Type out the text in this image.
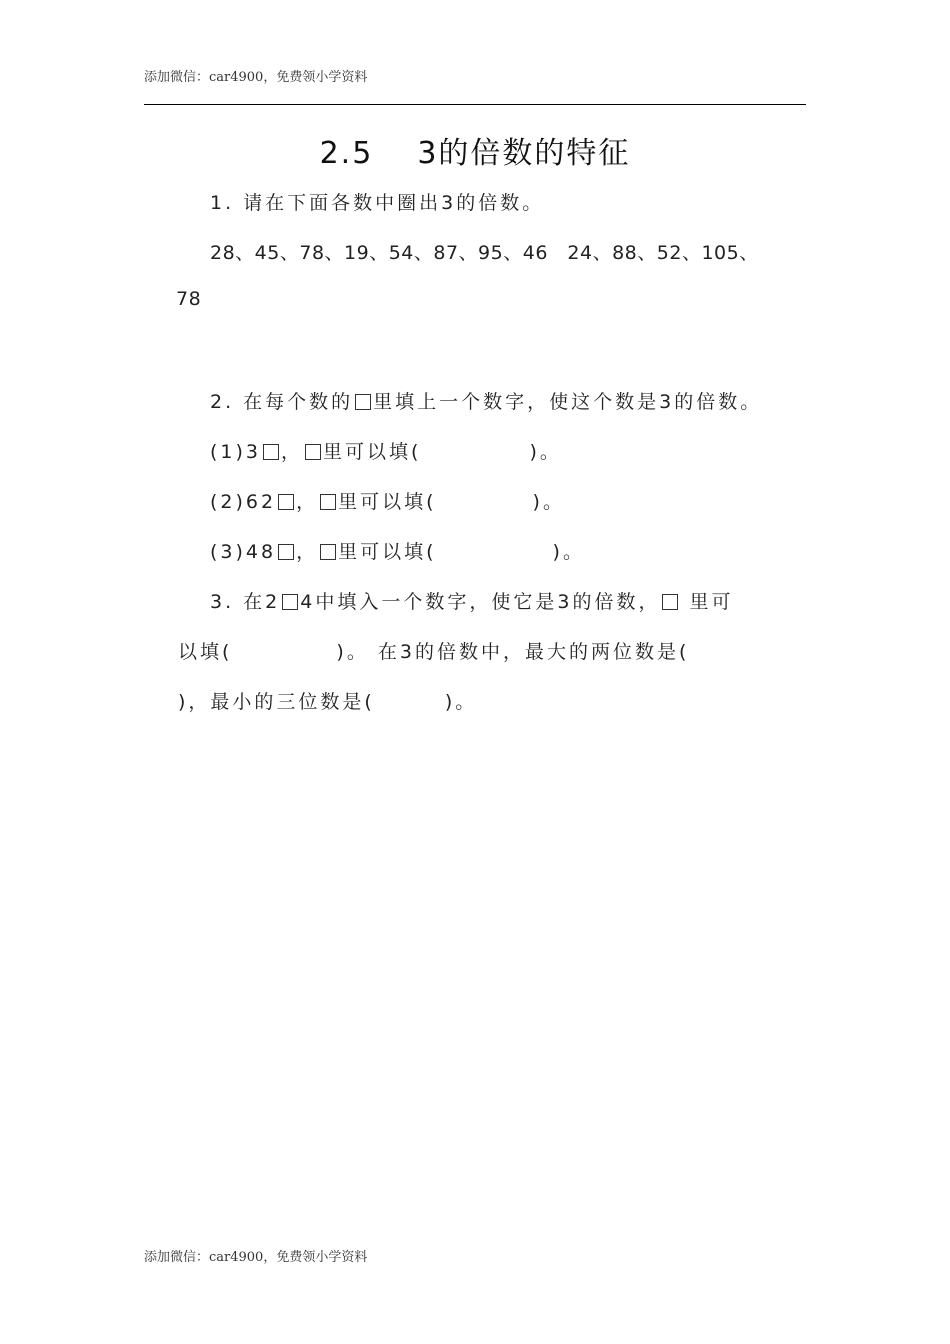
添加微信：car4900，免费领小学资料
2.5 3的倍数的特征
1. 请在下面各数中圈出3的倍数。
28、45、78、19、54、87、95、46　24、88、52、105、
78
2. 在每个数的 里填上一个数字，使这个数是3的倍数。
(1)3 ， 里可以填(	)。
(2)62 ， 里可以填(	)。
(3)48 ， 里可以填(	)。
3. 在2 4中填入一个数字，使它是3的倍数， 里可
以填(	)。 在3的倍数中，最大的两位数是(
)，最小的三位数是(	)。
添加微信：car4900，免费领小学资料
